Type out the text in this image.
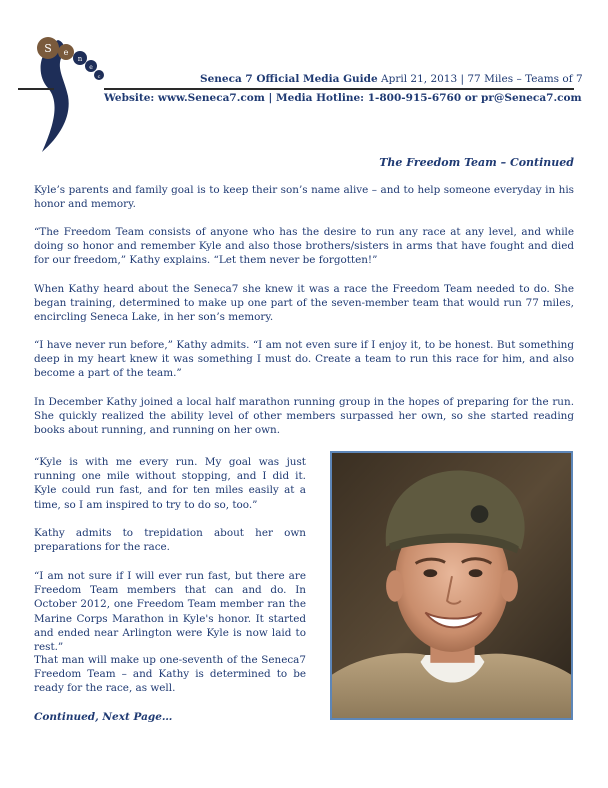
S e
n
e
c	Seneca 7 Official Media Guide April 21, 2013 | 77 Miles – Teams of 7
Website: www.Seneca7.com | Media Hotline: 1-800-915-6760 or pr@Seneca7.com
The Freedom Team – Continued

Kyle’s parents and family goal is to keep their son’s name alive – and to help someone everyday in his honor and memory.

“The Freedom Team consists of anyone who has the desire to run any race at any level, and while doing so honor and remember Kyle and also those brothers/sisters in arms that have fought and died for our freedom,” Kathy explains. “Let them never be forgotten!”

When Kathy heard about the Seneca7 she knew it was a race the Freedom Team needed to do. She began training, determined to make up one part of the seven-member team that would run 77 miles, encircling Seneca Lake, in her son’s memory.

“I have never run before,” Kathy admits. “I am not even sure if I enjoy it, to be honest. But something deep in my heart knew it was something I must do. Create a team to run this race for him, and also become a part of the team.”

In December Kathy joined a local half marathon running group in the hopes of preparing for the run. She quickly realized the ability level of other members surpassed her own, so she started reading books about running, and running on her own.

“Kyle is with me every run. My goal was just running one mile without stopping, and I did it. Kyle could run fast, and for ten miles easily at a time, so I am inspired to try to do so, too.”

Kathy admits to trepidation about her own preparations for the race.

“I am not sure if I will ever run fast, but there are Freedom Team members that can and do. In October 2012, one Freedom Team member ran the Marine Corps Marathon in Kyle's honor. It started and ended near Arlington were Kyle is now laid to rest.”

That man will make up one-seventh of the Seneca7 Freedom Team – and Kathy is determined to be ready for the race, as well.

Continued, Next Page…
